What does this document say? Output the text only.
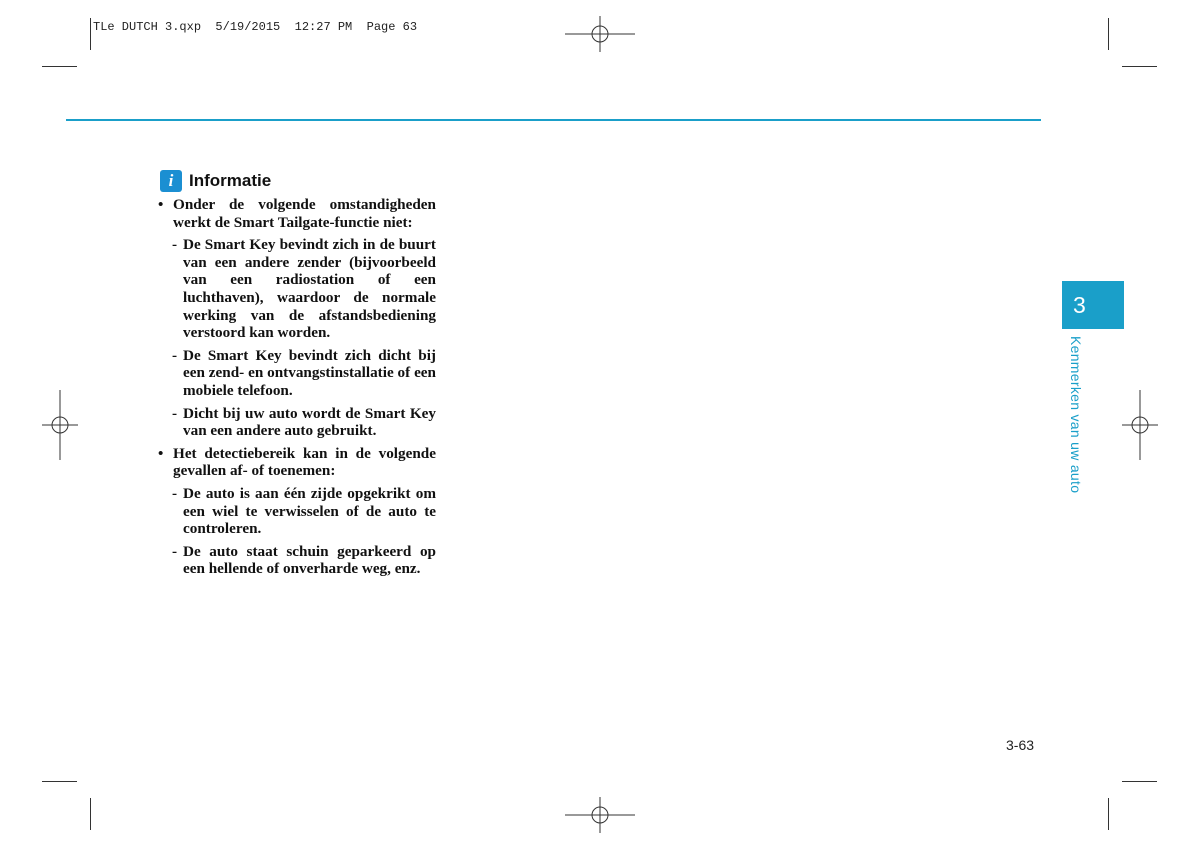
TLe DUTCH 3.qxp  5/19/2015  12:27 PM  Page 63
i Informatie
• Onder de volgende omstandigheden werkt de Smart Tailgate-functie niet:
- De Smart Key bevindt zich in de buurt van een andere zender (bijvoorbeeld van een radiostation of een luchthaven), waardoor de normale werking van de afstandsbediening verstoord kan worden.
- De Smart Key bevindt zich dicht bij een zend- en ontvangstinstallatie of een mobiele telefoon.
- Dicht bij uw auto wordt de Smart Key van een andere auto gebruikt.
• Het detectiebereik kan in de volgende gevallen af- of toenemen:
- De auto is aan één zijde opgekrikt om een wiel te verwisselen of de auto te controleren.
- De auto staat schuin geparkeerd op een hellende of onverharde weg, enz.
3
Kenmerken van uw auto
3-63
